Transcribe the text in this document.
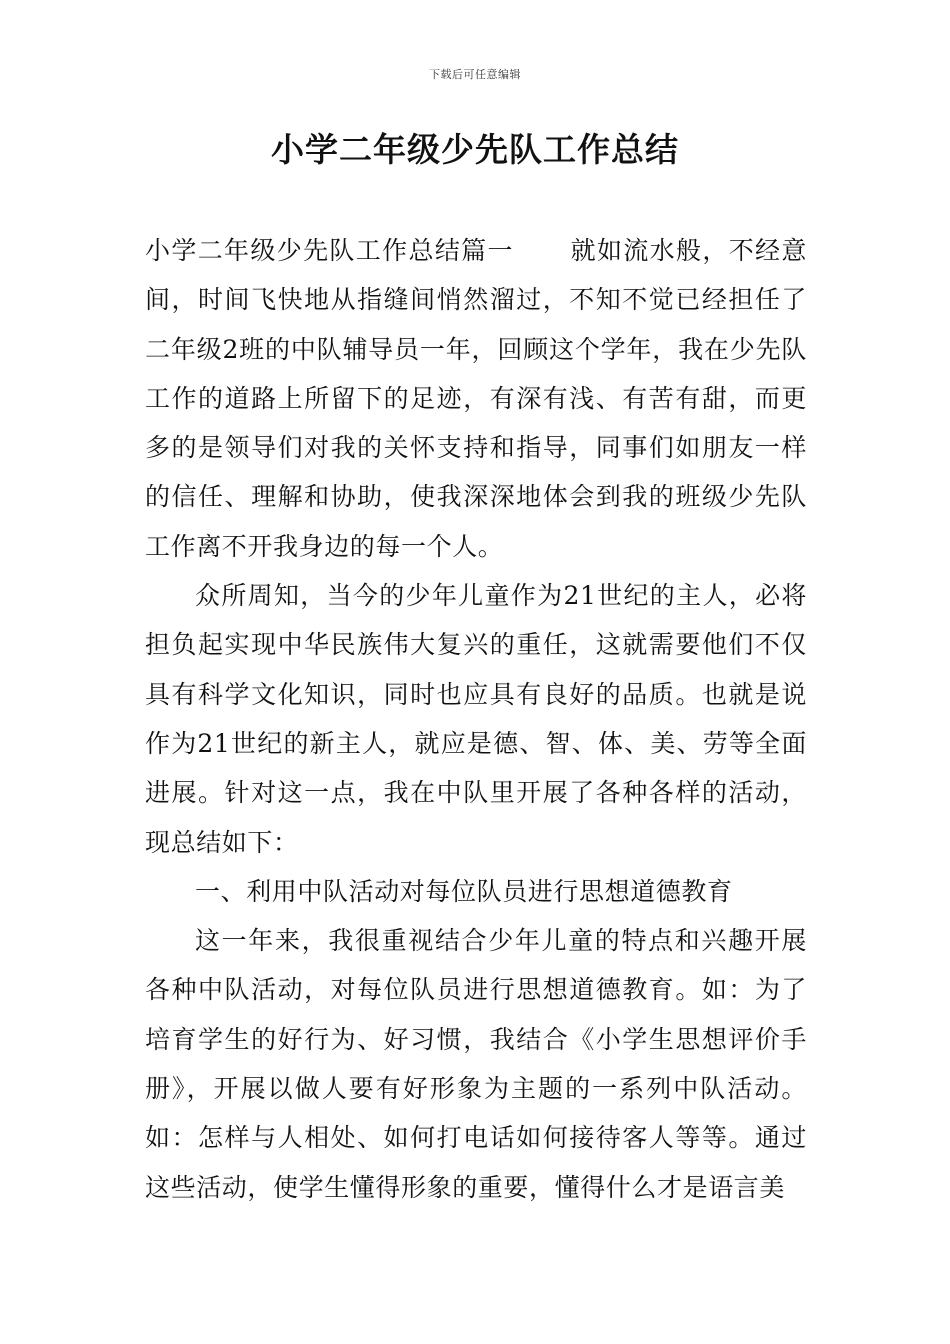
下载后可任意编辑
小学二年级少先队工作总结

小学二年级少先队工作总结篇一 就如流水般，不经意间，时间飞快地从指缝间悄然溜过，不知不觉已经担任了二年级2班的中队辅导员一年，回顾这个学年，我在少先队工作的道路上所留下的足迹，有深有浅、有苦有甜，而更多的是领导们对我的关怀支持和指导，同事们如朋友一样的信任、理解和协助，使我深深地体会到我的班级少先队工作离不开我身边的每一个人。

众所周知，当今的少年儿童作为21世纪的主人，必将担负起实现中华民族伟大复兴的重任，这就需要他们不仅具有科学文化知识，同时也应具有良好的品质。也就是说作为21世纪的新主人，就应是德、智、体、美、劳等全面进展。针对这一点，我在中队里开展了各种各样的活动，现总结如下：

一、利用中队活动对每位队员进行思想道德教育

这一年来，我很重视结合少年儿童的特点和兴趣开展各种中队活动，对每位队员进行思想道德教育。如：为了培育学生的好行为、好习惯，我结合《小学生思想评价手册》，开展以做人要有好形象为主题的一系列中队活动。如：怎样与人相处、如何打电话如何接待客人等等。通过这些活动，使学生懂得形象的重要，懂得什么才是语言美
